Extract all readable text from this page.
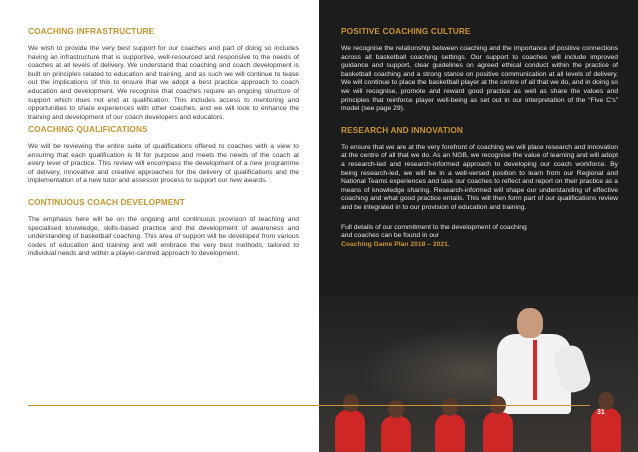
COACHING INFRASTRUCTURE

We wish to provide the very best support for our coaches and part of doing so includes having an infrastructure that is supportive, well-resourced and responsive to the needs of coaches at all levels of delivery. We understand that coaching and coach development is built on principles related to education and training, and as such we will continue to tease out the implications of this to ensure that we adopt a best practice approach to coach education and development. We recognise that coaches require an ongoing structure of support which does not end at qualification. This includes access to mentoring and opportunities to share experiences with other coaches, and we will look to enhance the training and development of our coach developers and educators.

COACHING QUALIFICATIONS

We will be reviewing the entire suite of qualifications offered to coaches with a view to ensuring that each qualification is fit for purpose and meets the needs of the coach at every level of practice. This review will encompass the development of a new programme of delivery, innovative and creative approaches for the delivery of qualifications and the implementation of a new tutor and assessor process to support our new awards.

CONTINUOUS COACH DEVELOPMENT

The emphasis here will be on the ongoing and continuous provision of teaching and specialised knowledge, skills-based practice and the development of awareness and understanding of basketball coaching. This area of support will be developed from various codes of education and training and will embrace the very best methods, tailored to individual needs and within a player-centred approach to development.

POSITIVE COACHING CULTURE

We recognise the relationship between coaching and the importance of positive connections across all basketball coaching settings. Our support to coaches will include improved guidance and support, clear guidelines on agreed ethical conduct within the practice of basketball coaching and a strong stance on positive communication at all levels of delivery. We will continue to place the basketball player at the centre of all that we do, and in doing so we will recognise, promote and reward good practice as well as share the values and principles that reinforce player well-being as set out in our interpretation of the “Five C’s” model (see page 29).

RESEARCH AND INNOVATION

To ensure that we are at the very forefront of coaching we will place research and innovation at the centre of all that we do. As an NGB, we recognise the value of learning and will adopt a research-led and research-informed approach to developing our coach workforce. By being research-led, we will be in a well-versed position to learn from our Regional and National Teams experiences and task our coaches to reflect and report on their practice as a means of knowledge sharing. Research-informed will shape our understanding of effective coaching and what good practice entails. This will then form part of our qualifications review and be integrated in to our provision of education and training.

Full details of our commitment to the development of coaching
and coaches can be found in our
Coaching Game Plan 2018 – 2021.
31
